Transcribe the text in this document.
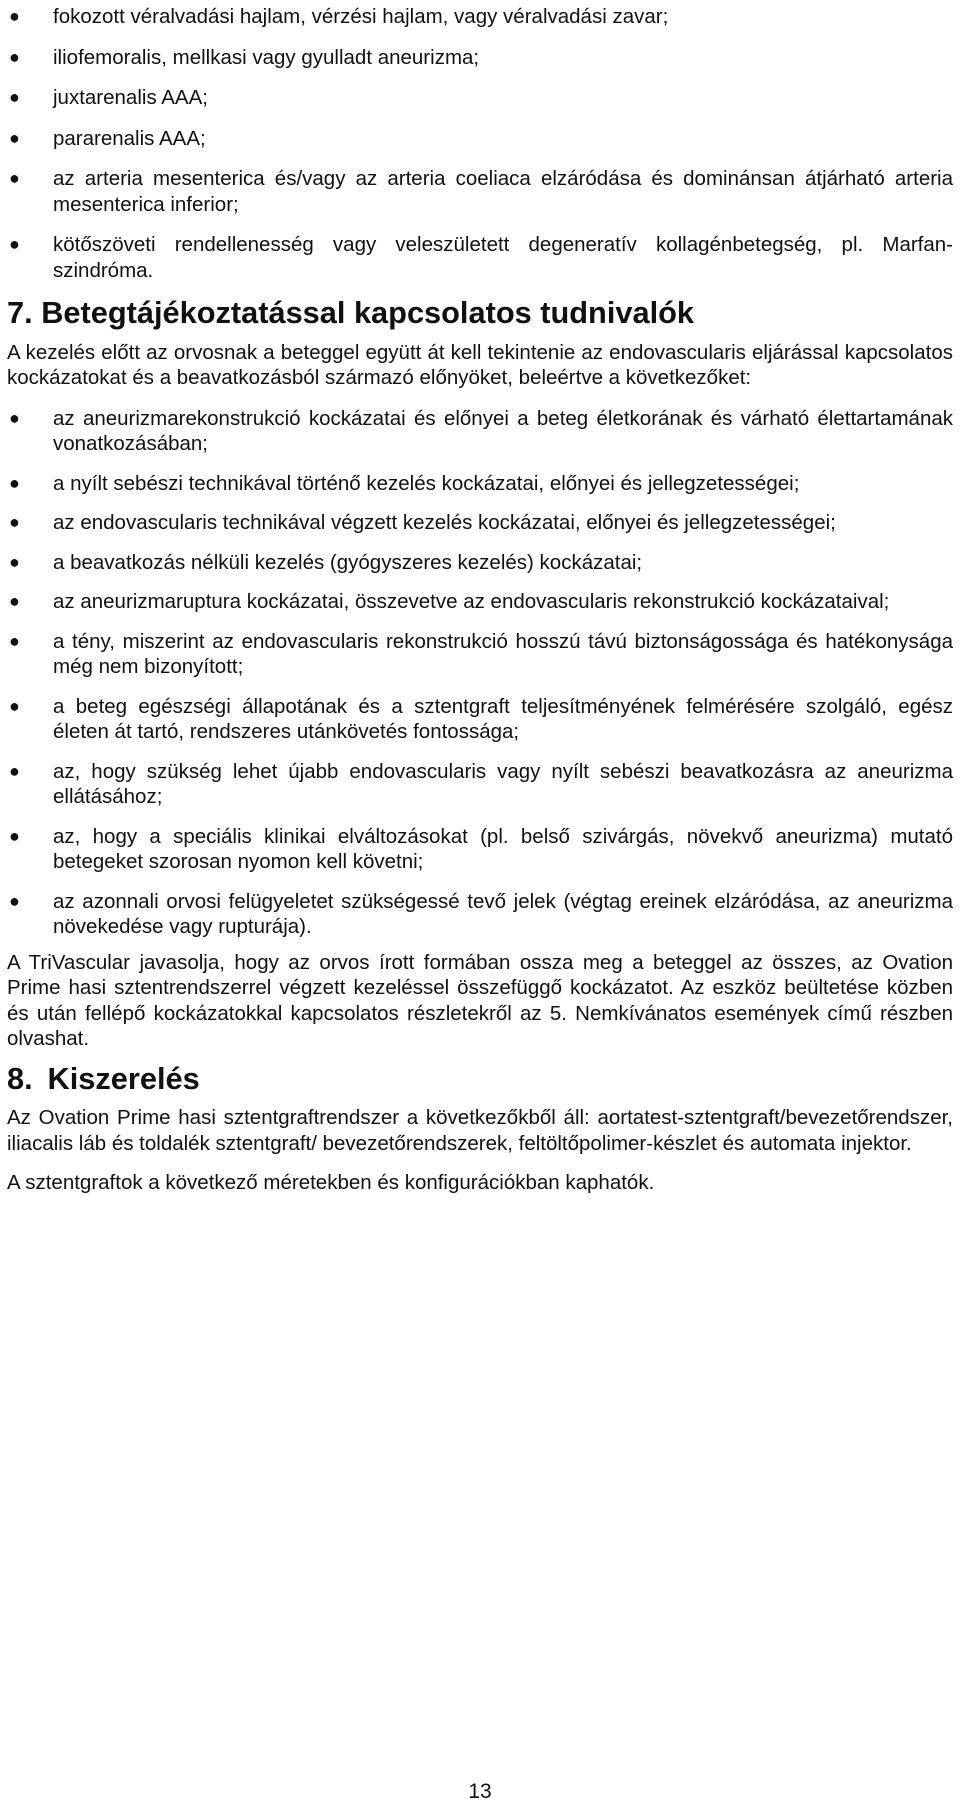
● fokozott véralvadási hajlam, vérzési hajlam, vagy véralvadási zavar;
● iliofemoralis, mellkasi vagy gyulladt aneurizma;
● juxtarenalis AAA;
● pararenalis AAA;
● az arteria mesenterica és/vagy az arteria coeliaca elzáródása és dominánsan átjárható arteria mesenterica inferior;
● kötőszöveti rendellenesség vagy veleszületett degeneratív kollagénbetegség, pl. Marfan-szindróma.
7. Betegtájékoztatással kapcsolatos tudnivalók

A kezelés előtt az orvosnak a beteggel együtt át kell tekintenie az endovascularis eljárással kapcsolatos kockázatokat és a beavatkozásból származó előnyöket, beleértve a következőket:

● az aneurizmarekonstrukció kockázatai és előnyei a beteg életkorának és várható élettartamának vonatkozásában;
● a nyílt sebészi technikával történő kezelés kockázatai, előnyei és jellegzetességei;
● az endovascularis technikával végzett kezelés kockázatai, előnyei és jellegzetességei;
● a beavatkozás nélküli kezelés (gyógyszeres kezelés) kockázatai;
● az aneurizmaruptura kockázatai, összevetve az endovascularis rekonstrukció kockázataival;
● a tény, miszerint az endovascularis rekonstrukció hosszú távú biztonságossága és hatékonysága még nem bizonyított;
● a beteg egészségi állapotának és a sztentgraft teljesítményének felmérésére szolgáló, egész életen át tartó, rendszeres utánkövetés fontossága;
● az, hogy szükség lehet újabb endovascularis vagy nyílt sebészi beavatkozásra az aneurizma ellátásához;
● az, hogy a speciális klinikai elváltozásokat (pl. belső szivárgás, növekvő aneurizma) mutató betegeket szorosan nyomon kell követni;
● az azonnali orvosi felügyeletet szükségessé tevő jelek (végtag ereinek elzáródása, az aneurizma növekedése vagy rupturája).

A TriVascular javasolja, hogy az orvos írott formában ossza meg a beteggel az összes, az Ovation Prime hasi sztentrendszerrel végzett kezeléssel összefüggő kockázatot. Az eszköz beültetése közben és után fellépő kockázatokkal kapcsolatos részletekről az 5. Nemkívánatos események című részben olvashat.

8. Kiszerelés

Az Ovation Prime hasi sztentgraftrendszer a következőkből áll: aortatest-sztentgraft/bevezetőrendszer, iliacalis láb és toldalék sztentgraft/ bevezetőrendszerek, feltöltőpolimer-készlet és automata injektor.

A sztentgraftok a következő méretekben és konfigurációkban kaphatók.

13
